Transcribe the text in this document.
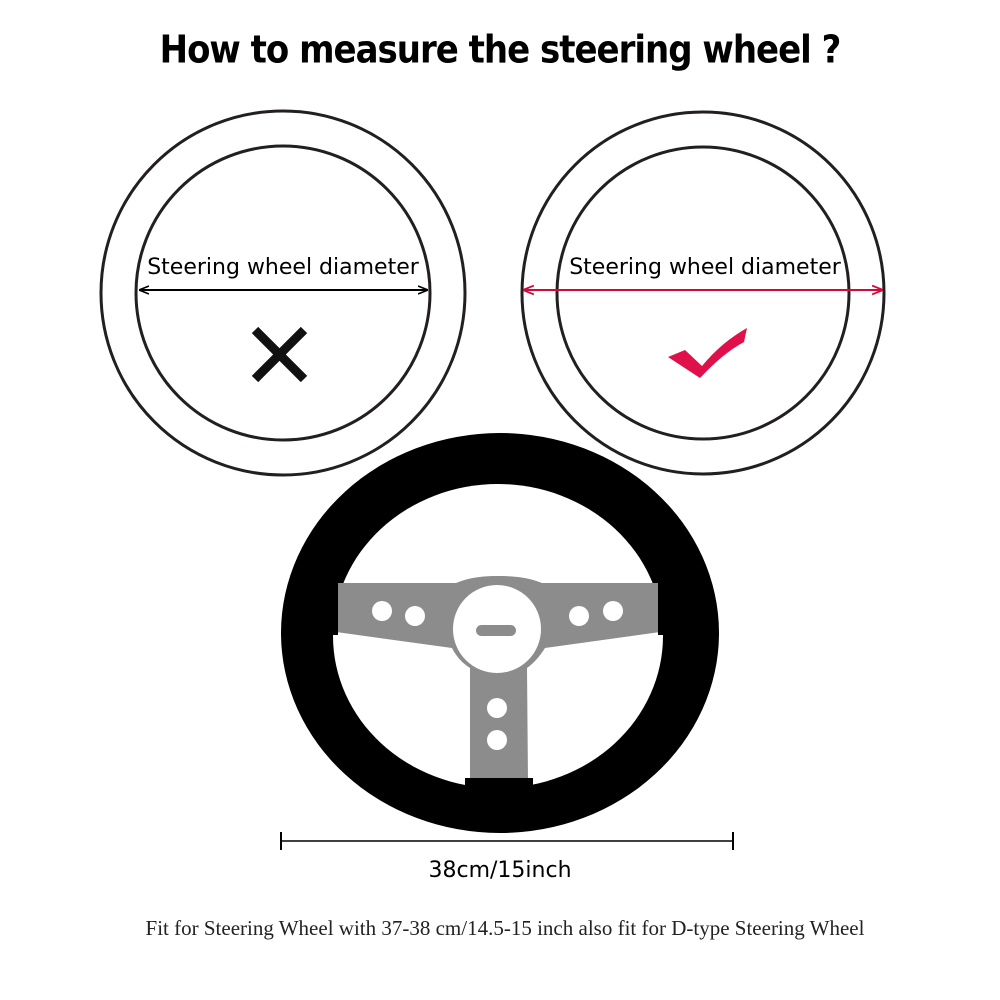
How to measure the steering wheel ?
Steering wheel diameter	Steering wheel diameter
38cm/15inch
Fit for Steering Wheel with 37-38 cm/14.5-15 inch also fit for D-type Steering Wheel
